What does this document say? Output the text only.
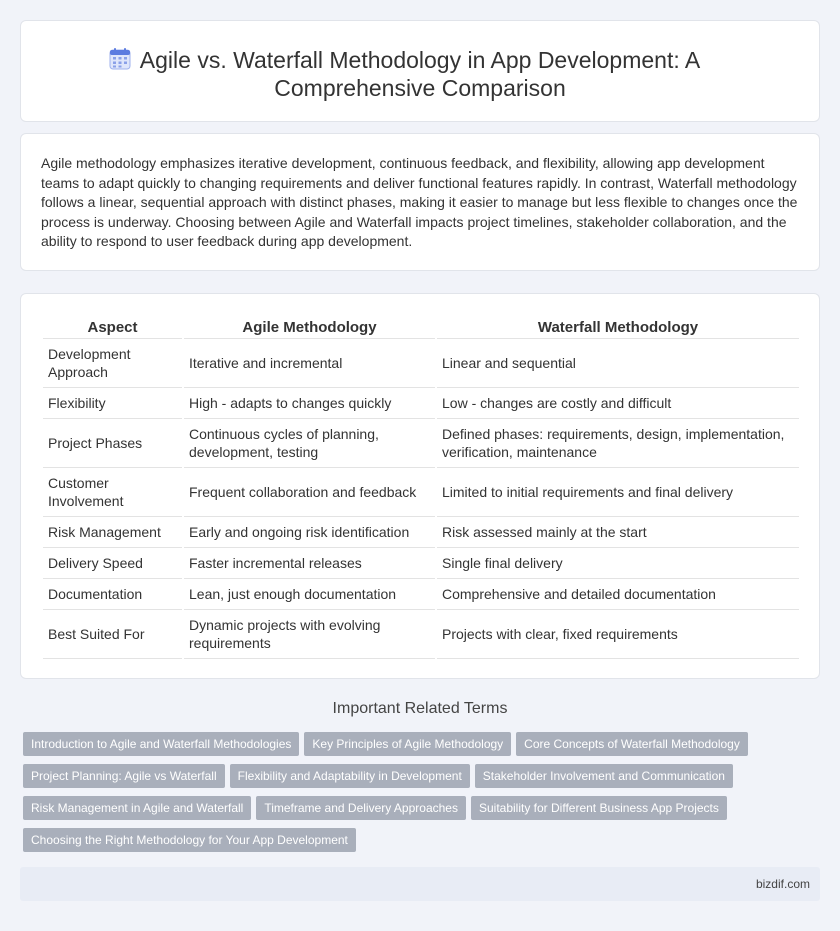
Agile vs. Waterfall Methodology in App Development: A Comprehensive Comparison

Agile methodology emphasizes iterative development, continuous feedback, and flexibility, allowing app development teams to adapt quickly to changing requirements and deliver functional features rapidly. In contrast, Waterfall methodology follows a linear, sequential approach with distinct phases, making it easier to manage but less flexible to changes once the process is underway. Choosing between Agile and Waterfall impacts project timelines, stakeholder collaboration, and the ability to respond to user feedback during app development.

Aspect	Agile Methodology	Waterfall Methodology
Development Approach	Iterative and incremental	Linear and sequential
Flexibility	High - adapts to changes quickly	Low - changes are costly and difficult
Project Phases	Continuous cycles of planning, development, testing	Defined phases: requirements, design, implementation, verification, maintenance
Customer Involvement	Frequent collaboration and feedback	Limited to initial requirements and final delivery
Risk Management	Early and ongoing risk identification	Risk assessed mainly at the start
Delivery Speed	Faster incremental releases	Single final delivery
Documentation	Lean, just enough documentation	Comprehensive and detailed documentation
Best Suited For	Dynamic projects with evolving requirements	Projects with clear, fixed requirements
Important Related Terms
Introduction to Agile and Waterfall Methodologies	Key Principles of Agile Methodology	Core Concepts of Waterfall Methodology
Project Planning: Agile vs Waterfall	Flexibility and Adaptability in Development	Stakeholder Involvement and Communication
Risk Management in Agile and Waterfall	Timeframe and Delivery Approaches	Suitability for Different Business App Projects
Choosing the Right Methodology for Your App Development
bizdif.com
